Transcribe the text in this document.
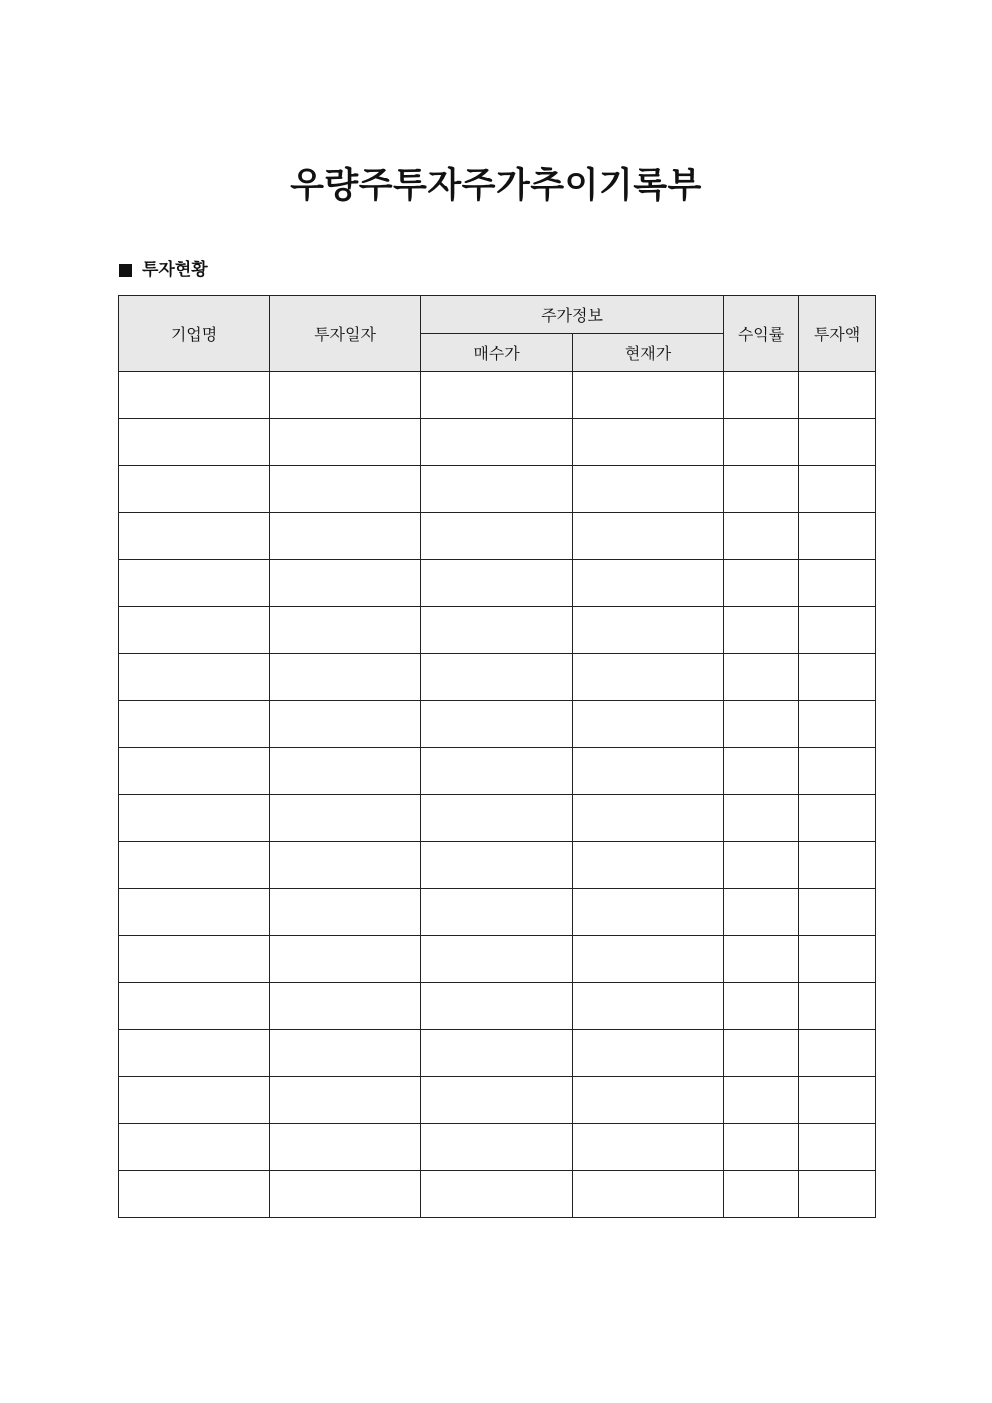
우량주투자주가추이기록부
투자현황
기업명	투자일자	주가정보		수익률	투자액
		매수가	현재가		
